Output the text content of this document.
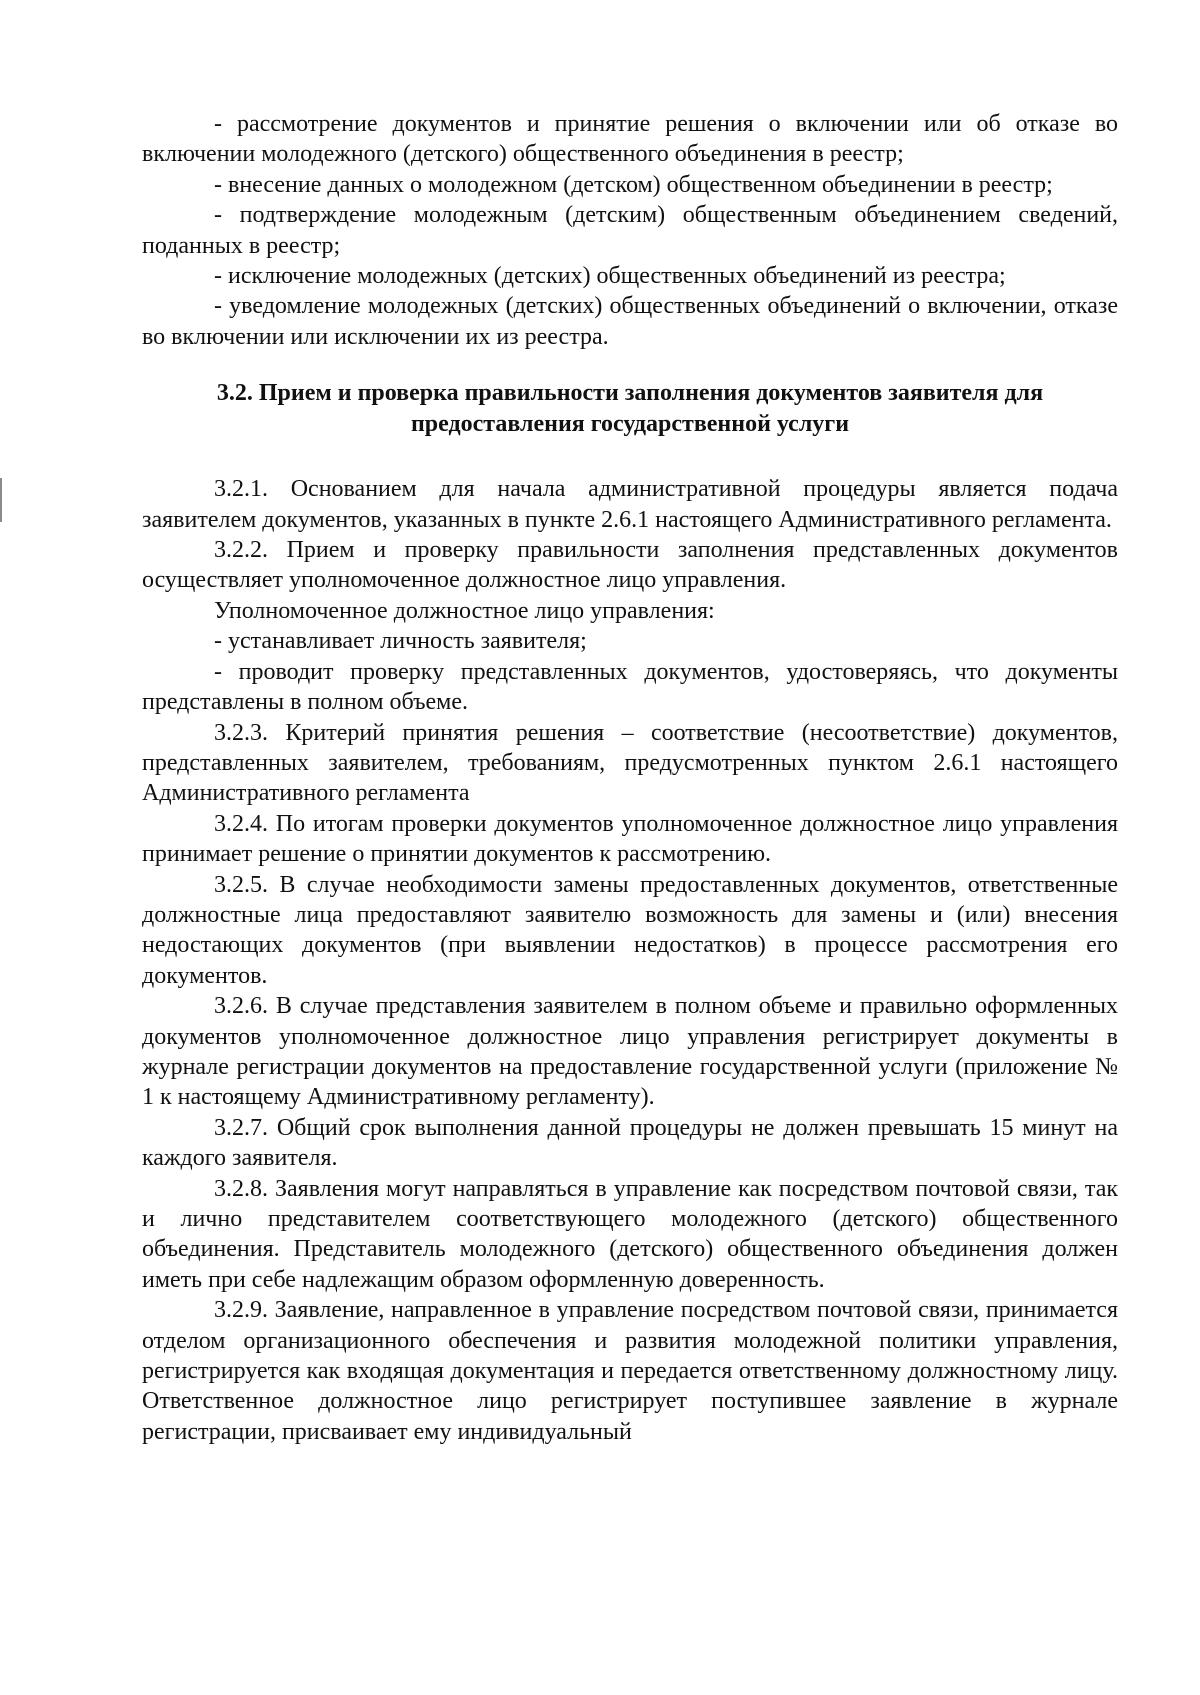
- рассмотрение документов и принятие решения о включении или об отказе во включении молодежного (детского) общественного объединения в реестр;

- внесение данных о молодежном (детском) общественном объединении в реестр;

- подтверждение молодежным (детским) общественным объединением сведений, поданных в реестр;

- исключение молодежных (детских) общественных объединений из реестра;

- уведомление молодежных (детских) общественных объединений о включении, отказе во включении или исключении их из реестра.

3.2. Прием и проверка правильности заполнения документов заявителя для предоставления государственной услуги

3.2.1. Основанием для начала административной процедуры является подача заявителем документов, указанных в пункте 2.6.1 настоящего Административного регламента.

3.2.2. Прием и проверку правильности заполнения представленных документов осуществляет уполномоченное должностное лицо управления.

Уполномоченное должностное лицо управления:

- устанавливает личность заявителя;

- проводит проверку представленных документов, удостоверяясь, что документы представлены в полном объеме.

3.2.3. Критерий принятия решения – соответствие (несоответствие) документов, представленных заявителем, требованиям, предусмотренных пунктом 2.6.1 настоящего Административного регламента

3.2.4. По итогам проверки документов уполномоченное должностное лицо управления принимает решение о принятии документов к рассмотрению.

3.2.5. В случае необходимости замены предоставленных документов, ответственные должностные лица предоставляют заявителю возможность для замены и (или) внесения недостающих документов (при выявлении недостатков) в процессе рассмотрения его документов.

3.2.6. В случае представления заявителем в полном объеме и правильно оформленных документов уполномоченное должностное лицо управления регистрирует документы в журнале регистрации документов на предоставление государственной услуги (приложение № 1 к настоящему Административному регламенту).

3.2.7. Общий срок выполнения данной процедуры не должен превышать 15 минут на каждого заявителя.

3.2.8. Заявления могут направляться в управление как посредством почтовой связи, так и лично представителем соответствующего молодежного (детского) общественного объединения. Представитель молодежного (детского) общественного объединения должен иметь при себе надлежащим образом оформленную доверенность.

3.2.9. Заявление, направленное в управление посредством почтовой связи, принимается отделом организационного обеспечения и развития молодежной политики управления, регистрируется как входящая документация и передается ответственному должностному лицу. Ответственное должностное лицо регистрирует поступившее заявление в журнале регистрации, присваивает ему индивидуальный
